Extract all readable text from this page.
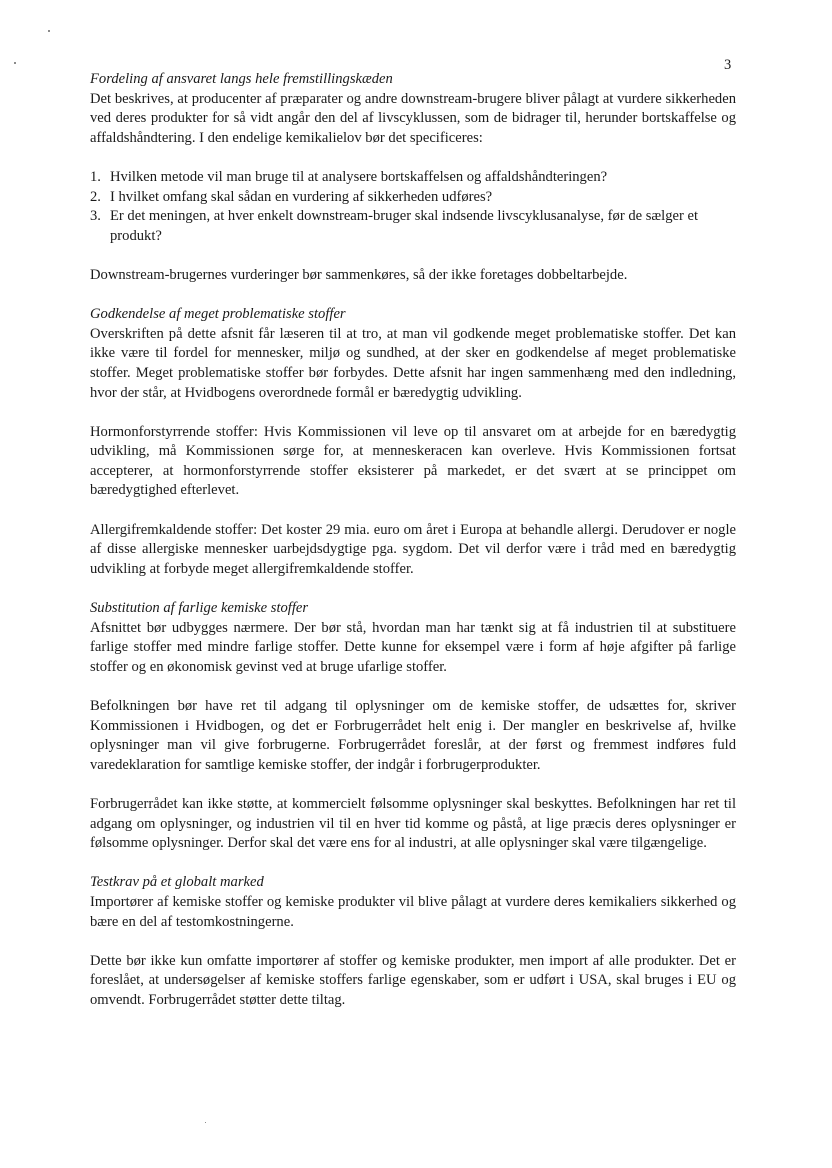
3

Fordeling af ansvaret langs hele fremstillingskæden

Det beskrives, at producenter af præparater og andre downstream-brugere bliver pålagt at vurdere sikkerheden ved deres produkter for så vidt angår den del af livscyklussen, som de bidrager til, herunder bortskaffelse og affaldshåndtering. I den endelige kemikalielov bør det specificeres:

1. Hvilken metode vil man bruge til at analysere bortskaffelsen og affaldshåndteringen?
2. I hvilket omfang skal sådan en vurdering af sikkerheden udføres?
3. Er det meningen, at hver enkelt downstream-bruger skal indsende livscyklusanalyse, før de sælger et produkt?

Downstream-brugernes vurderinger bør sammenkøres, så der ikke foretages dobbeltarbejde.

Godkendelse af meget problematiske stoffer

Overskriften på dette afsnit får læseren til at tro, at man vil godkende meget problematiske stoffer. Det kan ikke være til fordel for mennesker, miljø og sundhed, at der sker en godkendelse af meget problematiske stoffer. Meget problematiske stoffer bør forbydes. Dette afsnit har ingen sammenhæng med den indledning, hvor der står, at Hvidbogens overordnede formål er bæredygtig udvikling.

Hormonforstyrrende stoffer: Hvis Kommissionen vil leve op til ansvaret om at arbejde for en bæredygtig udvikling, må Kommissionen sørge for, at menneskeracen kan overleve. Hvis Kommissionen fortsat accepterer, at hormonforstyrrende stoffer eksisterer på markedet, er det svært at se princippet om bæredygtighed efterlevet.

Allergifremkaldende stoffer: Det koster 29 mia. euro om året i Europa at behandle allergi. Derudover er nogle af disse allergiske mennesker uarbejdsdygtige pga. sygdom. Det vil derfor være i tråd med en bæredygtig udvikling at forbyde meget allergifremkaldende stoffer.

Substitution af farlige kemiske stoffer

Afsnittet bør udbygges nærmere. Der bør stå, hvordan man har tænkt sig at få industrien til at substituere farlige stoffer med mindre farlige stoffer. Dette kunne for eksempel være i form af høje afgifter på farlige stoffer og en økonomisk gevinst ved at bruge ufarlige stoffer.

Befolkningen bør have ret til adgang til oplysninger om de kemiske stoffer, de udsættes for, skriver Kommissionen i Hvidbogen, og det er Forbrugerrådet helt enig i. Der mangler en beskrivelse af, hvilke oplysninger man vil give forbrugerne. Forbrugerrådet foreslår, at der først og fremmest indføres fuld varedeklaration for samtlige kemiske stoffer, der indgår i forbrugerprodukter.

Forbrugerrådet kan ikke støtte, at kommercielt følsomme oplysninger skal beskyttes. Befolkningen har ret til adgang om oplysninger, og industrien vil til en hver tid komme og påstå, at lige præcis deres oplysninger er følsomme oplysninger. Derfor skal det være ens for al industri, at alle oplysninger skal være tilgængelige.

Testkrav på et globalt marked

Importører af kemiske stoffer og kemiske produkter vil blive pålagt at vurdere deres kemikaliers sikkerhed og bære en del af testomkostningerne.

Dette bør ikke kun omfatte importører af stoffer og kemiske produkter, men import af alle produkter. Det er foreslået, at undersøgelser af kemiske stoffers farlige egenskaber, som er udført i USA, skal bruges i EU og omvendt. Forbrugerrådet støtter dette tiltag.
